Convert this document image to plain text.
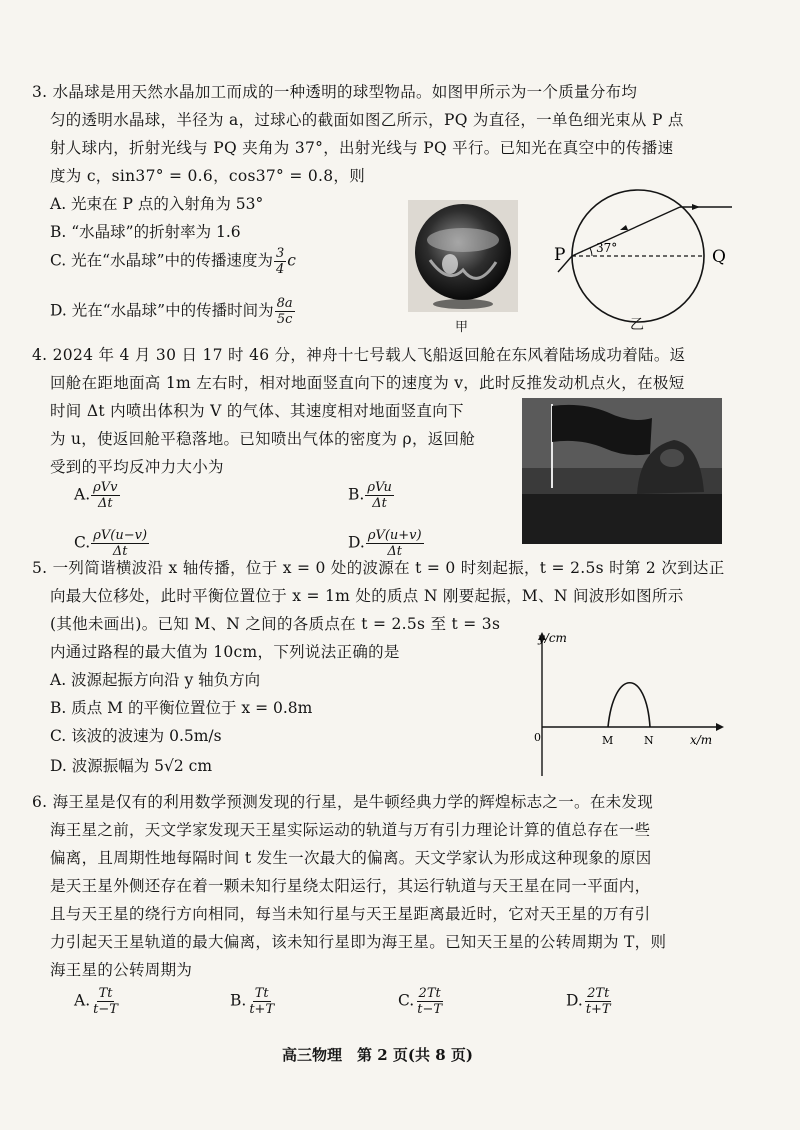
3. 水晶球是用天然水晶加工而成的一种透明的球型物品。如图甲所示为一个质量分布均
匀的透明水晶球，半径为 a，过球心的截面如图乙所示，PQ 为直径，一单色细光束从 P 点
射人球内，折射光线与 PQ 夹角为 37°，出射光线与 PQ 平行。已知光在真空中的传播速
度为 c，sin37° = 0.6，cos37° = 0.8，则
A. 光束在 P 点的入射角为 53°
B. “水晶球”的折射率为 1.6
C. 光在“水晶球”中的传播速度为 $\frac{3}{4}$ c
D. 光在“水晶球”中的传播时间为 $\frac{8a}{5c}$
甲
P	Q
37°
乙
4. 2024 年 4 月 30 日 17 时 46 分，神舟十七号载人飞船返回舱在东风着陆场成功着陆。返
回舱在距地面高 1m 左右时，相对地面竖直向下的速度为 v，此时反推发动机点火，在极短
时间 Δt 内喷出体积为 V 的气体、其速度相对地面竖直向下
为 u，使返回舱平稳落地。已知喷出气体的密度为 ρ，返回舱
受到的平均反冲力大小为
A. $\frac{\text{ρVv}}{\Delta t}$	B. $\frac{\text{ρVu}}{\Delta t}$
C. $\frac{\rho V(u-v)}{\Delta t}$	D. $\frac{\rho V(u+v)}{\Delta t}$
5. 一列简谐横波沿 x 轴传播，位于 x = 0 处的波源在 t = 0 时刻起振，t = 2.5s 时第 2 次到达正
向最大位移处，此时平衡位置位于 x = 1m 处的质点 N 刚要起振，M、N 间波形如图所示
(其他未画出)。已知 M、N 之间的各质点在 t = 2.5s 至 t = 3s
内通过路程的最大值为 10cm，下列说法正确的是
A. 波源起振方向沿 y 轴负方向
B. 质点 M 的平衡位置位于 x = 0.8m
C. 该波的波速为 0.5m/s
D. 波源振幅为 5√2 cm
y/cm
x/m
0	M	N
6. 海王星是仅有的利用数学预测发现的行星，是牛顿经典力学的辉煌标志之一。在未发现
海王星之前，天文学家发现天王星实际运动的轨道与万有引力理论计算的值总存在一些
偏离，且周期性地每隔时间 t 发生一次最大的偏离。天文学家认为形成这种现象的原因
是天王星外侧还存在着一颗未知行星绕太阳运行，其运行轨道与天王星在同一平面内，
且与天王星的绕行方向相同，每当未知行星与天王星距离最近时，它对天王星的万有引
力引起天王星轨道的最大偏离，该未知行星即为海王星。已知天王星的公转周期为 T，则
海王星的公转周期为
A. $\frac{Tt}{t-T}$	B. $\frac{Tt}{t+T}$	C. $\frac{2Tt}{t-T}$	D. $\frac{2Tt}{t+T}$
高三物理　第 2 页(共 8 页)
